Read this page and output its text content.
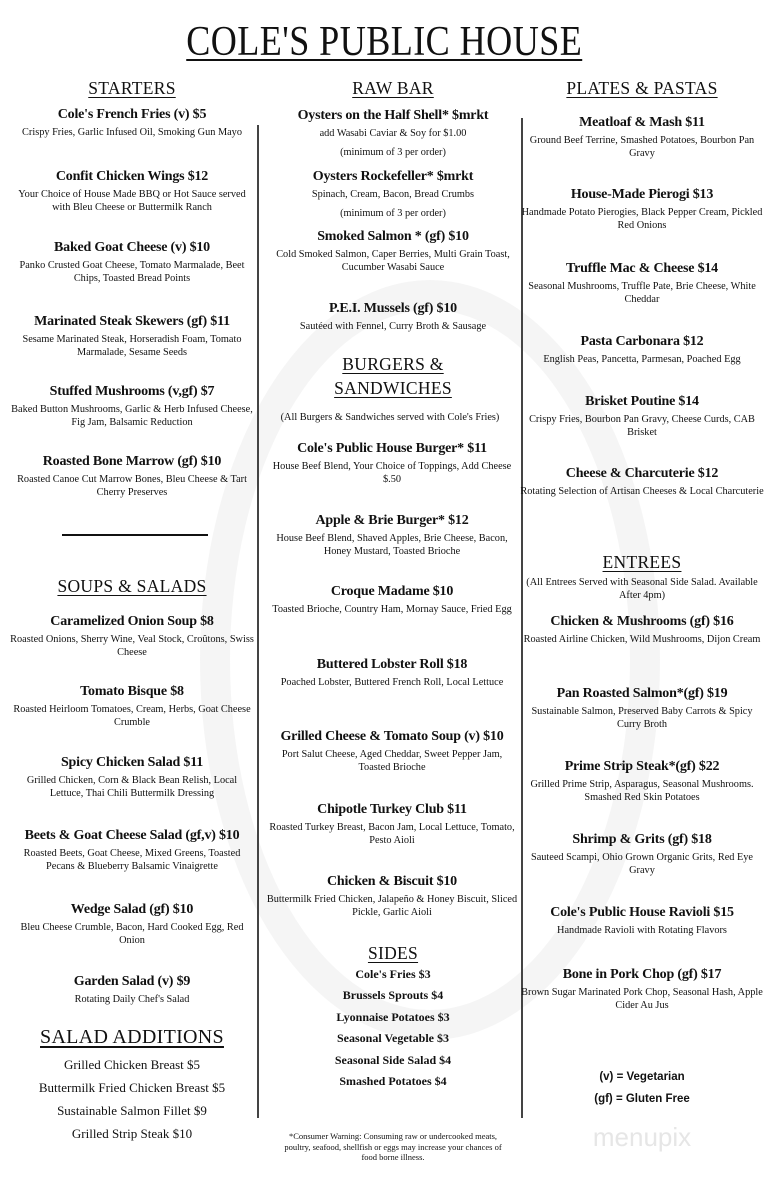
COLE'S PUBLIC HOUSE
STARTERS
Cole's French Fries (v) $5
Crispy Fries, Garlic Infused Oil, Smoking Gun Mayo
Confit Chicken Wings $12
Your Choice of House Made BBQ or Hot Sauce served with Bleu Cheese or Buttermilk Ranch
Baked Goat Cheese (v) $10
Panko Crusted Goat Cheese, Tomato Marmalade, Beet Chips, Toasted Bread Points
Marinated Steak Skewers (gf) $11
Sesame Marinated Steak, Horseradish Foam, Tomato Marmalade, Sesame Seeds
Stuffed Mushrooms (v,gf) $7
Baked Button Mushrooms, Garlic & Herb Infused Cheese, Fig Jam, Balsamic Reduction
Roasted Bone Marrow (gf) $10
Roasted Canoe Cut Marrow Bones, Bleu Cheese & Tart Cherry Preserves
SOUPS & SALADS
Caramelized Onion Soup $8
Roasted Onions, Sherry Wine, Veal Stock, Croûtons, Swiss Cheese
Tomato Bisque $8
Roasted Heirloom Tomatoes, Cream, Herbs, Goat Cheese Crumble
Spicy Chicken Salad $11
Grilled Chicken, Corn & Black Bean Relish, Local Lettuce, Thai Chili Buttermilk Dressing
Beets & Goat Cheese Salad (gf,v) $10
Roasted Beets, Goat Cheese, Mixed Greens, Toasted Pecans & Blueberry Balsamic Vinaigrette
Wedge Salad (gf) $10
Bleu Cheese Crumble, Bacon, Hard Cooked Egg, Red Onion
Garden Salad (v) $9
Rotating Daily Chef's Salad
SALAD ADDITIONS
Grilled Chicken Breast $5
Buttermilk Fried Chicken Breast $5
Sustainable Salmon Fillet $9
Grilled Strip Steak $10
RAW BAR
Oysters on the Half Shell* $mrkt
add Wasabi Caviar & Soy for $1.00
(minimum of 3 per order)
Oysters Rockefeller* $mrkt
Spinach, Cream, Bacon, Bread Crumbs
(minimum of 3 per order)
Smoked Salmon * (gf) $10
Cold Smoked Salmon, Caper Berries, Multi Grain Toast, Cucumber Wasabi Sauce
P.E.I. Mussels (gf) $10
Sautéed with Fennel, Curry Broth & Sausage
BURGERS &
SANDWICHES
(All Burgers & Sandwiches served with Cole's Fries)
Cole's Public House Burger* $11
House Beef Blend, Your Choice of Toppings, Add Cheese $.50
Apple & Brie Burger* $12
House Beef Blend, Shaved Apples, Brie Cheese, Bacon, Honey Mustard, Toasted Brioche
Croque Madame $10
Toasted Brioche, Country Ham, Mornay Sauce, Fried Egg
Buttered Lobster Roll $18
Poached Lobster, Buttered French Roll, Local Lettuce
Grilled Cheese & Tomato Soup (v) $10
Port Salut Cheese, Aged Cheddar, Sweet Pepper Jam, Toasted Brioche
Chipotle Turkey Club $11
Roasted Turkey Breast, Bacon Jam, Local Lettuce, Tomato, Pesto Aioli
Chicken & Biscuit $10
Buttermilk Fried Chicken, Jalapeño & Honey Biscuit, Sliced Pickle, Garlic Aioli
SIDES
Cole's Fries $3
Brussels Sprouts $4
Lyonnaise Potatoes $3
Seasonal Vegetable $3
Seasonal Side Salad $4
Smashed Potatoes $4
*Consumer Warning: Consuming raw or undercooked meats, poultry, seafood, shellfish or eggs may increase your chances of food borne illness.
PLATES & PASTAS
Meatloaf & Mash $11
Ground Beef Terrine, Smashed Potatoes, Bourbon Pan Gravy
House-Made Pierogi $13
Handmade Potato Pierogies, Black Pepper Cream, Pickled Red Onions
Truffle Mac & Cheese $14
Seasonal Mushrooms, Truffle Pate, Brie Cheese, White Cheddar
Pasta Carbonara $12
English Peas, Pancetta, Parmesan, Poached Egg
Brisket Poutine $14
Crispy Fries, Bourbon Pan Gravy, Cheese Curds, CAB Brisket
Cheese & Charcuterie $12
Rotating Selection of Artisan Cheeses & Local Charcuterie
ENTREES
(All Entrees Served with Seasonal Side Salad. Available After 4pm)
Chicken & Mushrooms (gf) $16
Roasted Airline Chicken, Wild Mushrooms, Dijon Cream
Pan Roasted Salmon*(gf) $19
Sustainable Salmon, Preserved Baby Carrots & Spicy Curry Broth
Prime Strip Steak*(gf) $22
Grilled Prime Strip, Asparagus, Seasonal Mushrooms. Smashed Red Skin Potatoes
Shrimp & Grits (gf) $18
Sauteed Scampi, Ohio Grown Organic Grits, Red Eye Gravy
Cole's Public House Ravioli $15
Handmade Ravioli with Rotating Flavors
Bone in Pork Chop (gf) $17
Brown Sugar Marinated Pork Chop, Seasonal Hash, Apple Cider Au Jus
(v) = Vegetarian
(gf) = Gluten Free
menupix
